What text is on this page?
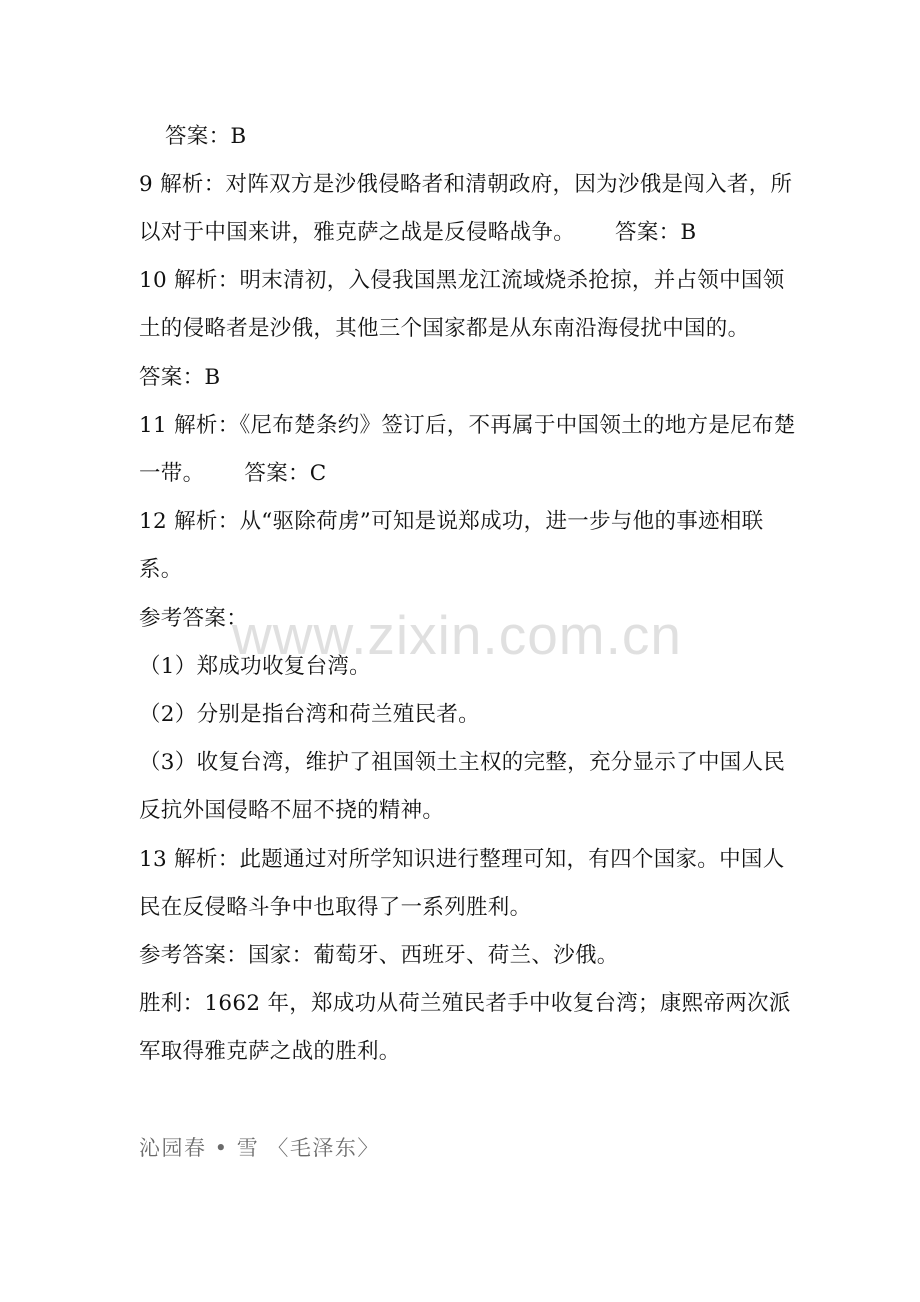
答案：B
9 解析：对阵双方是沙俄侵略者和清朝政府，因为沙俄是闯入者，所
以对于中国来讲，雅克萨之战是反侵略战争。 答案：B
10 解析：明末清初，入侵我国黑龙江流域烧杀抢掠，并占领中国领
土的侵略者是沙俄，其他三个国家都是从东南沿海侵扰中国的。
答案：B
11 解析：《尼布楚条约》签订后，不再属于中国领土的地方是尼布楚
一带。 答案：C
12 解析：从“驱除荷虏”可知是说郑成功，进一步与他的事迹相联
系。
参考答案：
（1）郑成功收复台湾。
（2）分别是指台湾和荷兰殖民者。
（3）收复台湾，维护了祖国领土主权的完整，充分显示了中国人民
反抗外国侵略不屈不挠的精神。
13 解析：此题通过对所学知识进行整理可知，有四个国家。中国人
民在反侵略斗争中也取得了一系列胜利。
参考答案：国家：葡萄牙、西班牙、荷兰、沙俄。
胜利：1662 年，郑成功从荷兰殖民者手中收复台湾；康熙帝两次派
军取得雅克萨之战的胜利。
沁园春 • 雪 〈毛泽东〉
www.zixin.com.cn
